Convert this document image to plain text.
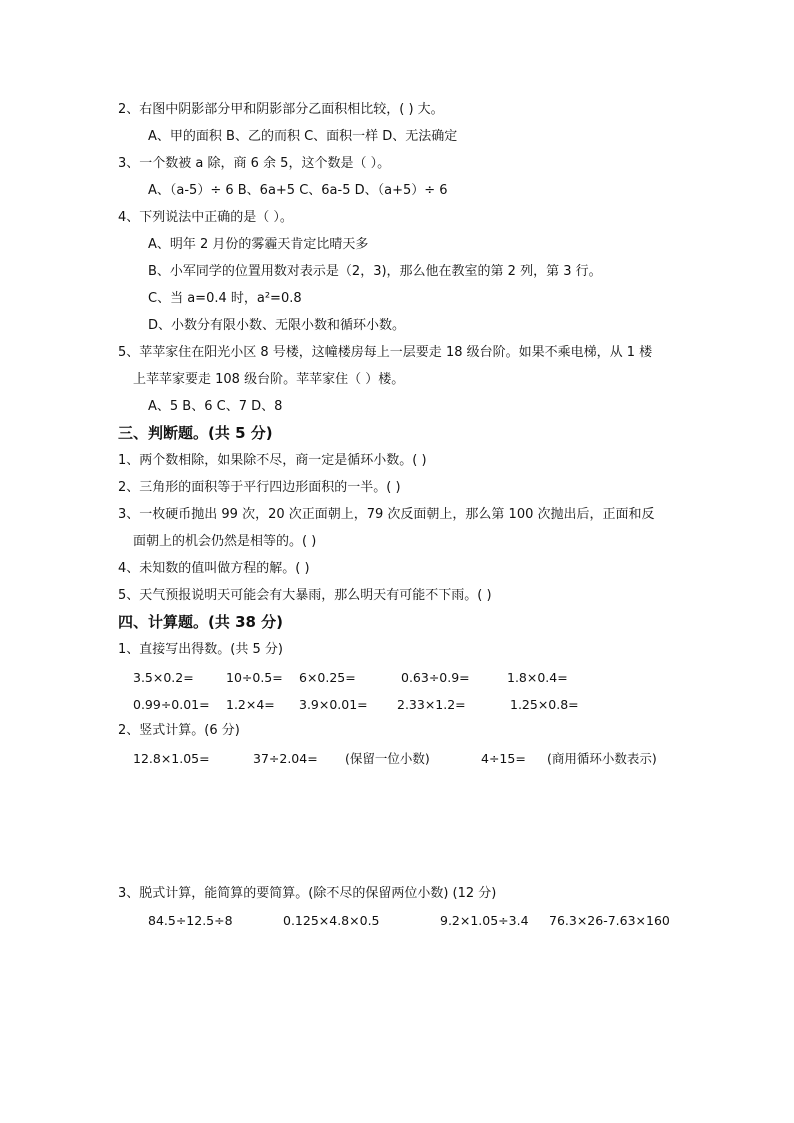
2、右图中阴影部分甲和阴影部分乙面积相比较，( ) 大。
A、甲的面积 B、乙的而积 C、面积一样 D、无法确定
3、一个数被 a 除，商 6 余 5，这个数是（ ）。
A、（a-5）÷ 6 B、6a+5 C、6a-5 D、（a+5）÷ 6
4、下列说法中正确的是（ ）。
A、明年 2 月份的雾霾天肯定比晴天多
B、小军同学的位置用数对表示是（2，3)，那么他在教室的第 2 列，第 3 行。
C、当 a=0.4 时，a²=0.8
D、小数分有限小数、无限小数和循环小数。
5、苹苹家住在阳光小区 8 号楼，这幢楼房每上一层要走 18 级台阶。如果不乘电梯，从 1 楼
上苹苹家要走 108 级台阶。苹苹家住（ ）楼。
A、5 B、6 C、7 D、8
三、判断题。(共 5 分)
1、两个数相除，如果除不尽，商一定是循环小数。( )
2、三角形的面积等于平行四边形面积的一半。( )
3、一枚硬币抛出 99 次，20 次正面朝上，79 次反面朝上，那么第 100 次抛出后，正面和反
面朝上的机会仍然是相等的。( )
4、未知数的值叫做方程的解。( )
5、天气预报说明天可能会有大暴雨，那么明天有可能不下雨。( )
四、计算题。(共 38 分)
1、直接写出得数。(共 5 分)
3.5×0.2=	10÷0.5= 6×0.25=	0.63÷0.9=	1.8×0.4=
0.99÷0.01= 1.2×4= 3.9×0.01= 2.33×1.2=	1.25×0.8=
2、竖式计算。(6 分)
12.8×1.05=	37÷2.04= (保留一位小数)	4÷15= (商用循环小数表示)
3、脱式计算，能简算的要简算。(除不尽的保留两位小数) (12 分)
84.5÷12.5÷8	0.125×4.8×0.5	9.2×1.05÷3.4 76.3×26-7.63×160
